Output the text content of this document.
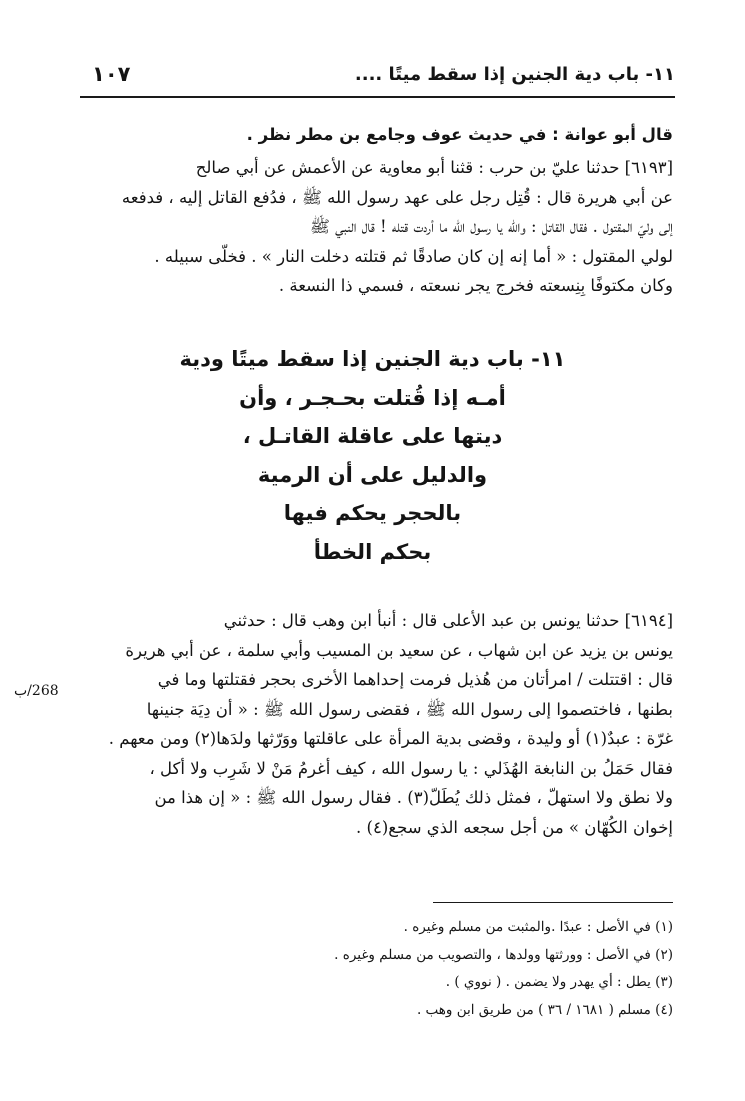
١١- باب دية الجنين إذا سقط ميتًا ....
١٠٧
قال أبو عوانة : في حديث عوف وجامع بن مطر نظر .
[٦١٩٣] حدثنا عليّ بن حرب : قثنا أبو معاوية عن الأعمش عن أبي صالح
عن أبي هريرة قال : قُتِل رجل على عهد رسول الله ﷺ ، فدُفع القاتل إليه ، فدفعه
إلى وليّ المقتول . فقال القاتل : والله يا رسول الله ما أردت قتله ! قال النبي ﷺ
لولي المقتول : « أما إنه إن كان صادقًا ثم قتلته دخلت النار » . فخلّى سبيله .
وكان مكتوفًا بِنِسعته فخرج يجر نسعته ، فسمي ذا النسعة .
١١- باب دية الجنين إذا سقط ميتًا ودية
أمـه إذا قُتلت بحـجـر ، وأن
ديتها على عاقلة القاتـل ،
والدليل على أن الرمية
بالحجر يحكم فيها
بحكم الخطأ
[٦١٩٤] حدثنا يونس بن عبد الأعلى قال : أنبأ ابن وهب قال : حدثني
يونس بن يزيد عن ابن شهاب ، عن سعيد بن المسيب وأبي سلمة ، عن أبي هريرة
قال : اقتتلت / امرأتان من هُذيل فرمت إحداهما الأخرى بحجر فقتلتها وما في
بطنها ، فاختصموا إلى رسول الله ﷺ ، فقضى رسول الله ﷺ : « أن دِيَة جنينها
غرّة : عبدٌ(١) أو وليدة ، وقضى بدية المرأة على عاقلتها ووَرّثها ولدَها(٢) ومن معهم .
فقال حَمَلُ بن النابغة الهُذَلي : يا رسول الله ، كيف أغرمُ مَنْ لا شَرِب ولا أكل ،
ولا نطق ولا استهلّ ، فمثل ذلك يُطَلّ(٣) . فقال رسول الله ﷺ : « إن هذا من
إخوان الكُهّان » من أجل سجعه الذي سجع(٤) .
268/ب
(١) في الأصل : عبدًا .والمثبت من مسلم وغيره .
(٢) في الأصل : وورثتها وولدها ، والتصويب من مسلم وغيره .
(٣) يطل : أي يهدر ولا يضمن . ( نووي ) .
(٤) مسلم ( ١٦٨١ / ٣٦ ) من طريق ابن وهب .
